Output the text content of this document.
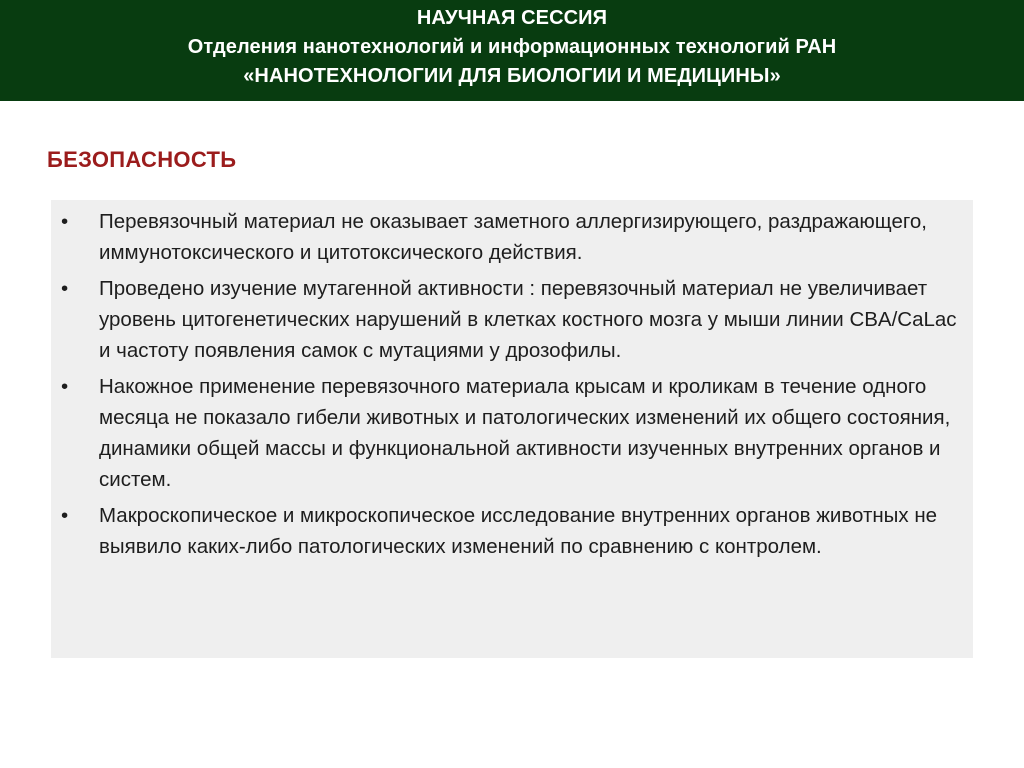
НАУЧНАЯ СЕССИЯ
Отделения нанотехнологий и информационных технологий РАН
«НАНОТЕХНОЛОГИИ ДЛЯ БИОЛОГИИ И МЕДИЦИНЫ»
БЕЗОПАСНОСТЬ
•	Перевязочный материал не оказывает заметного аллергизирующего, раздражающего, иммунотоксического и цитотоксического действия.
•	Проведено изучение мутагенной активности : перевязочный материал не увеличивает уровень цитогенетических нарушений в клетках костного мозга у мыши линии CBA/CaLac и частоту появления самок с мутациями у дрозофилы.
•	Накожное применение перевязочного материала крысам и кроликам в течение одного месяца не показало гибели животных и патологических изменений их общего состояния, динамики общей массы и функциональной активности изученных внутренних органов и систем.
•	Макроскопическое и микроскопическое исследование внутренних органов животных не выявило каких-либо патологических изменений по сравнению с контролем.
